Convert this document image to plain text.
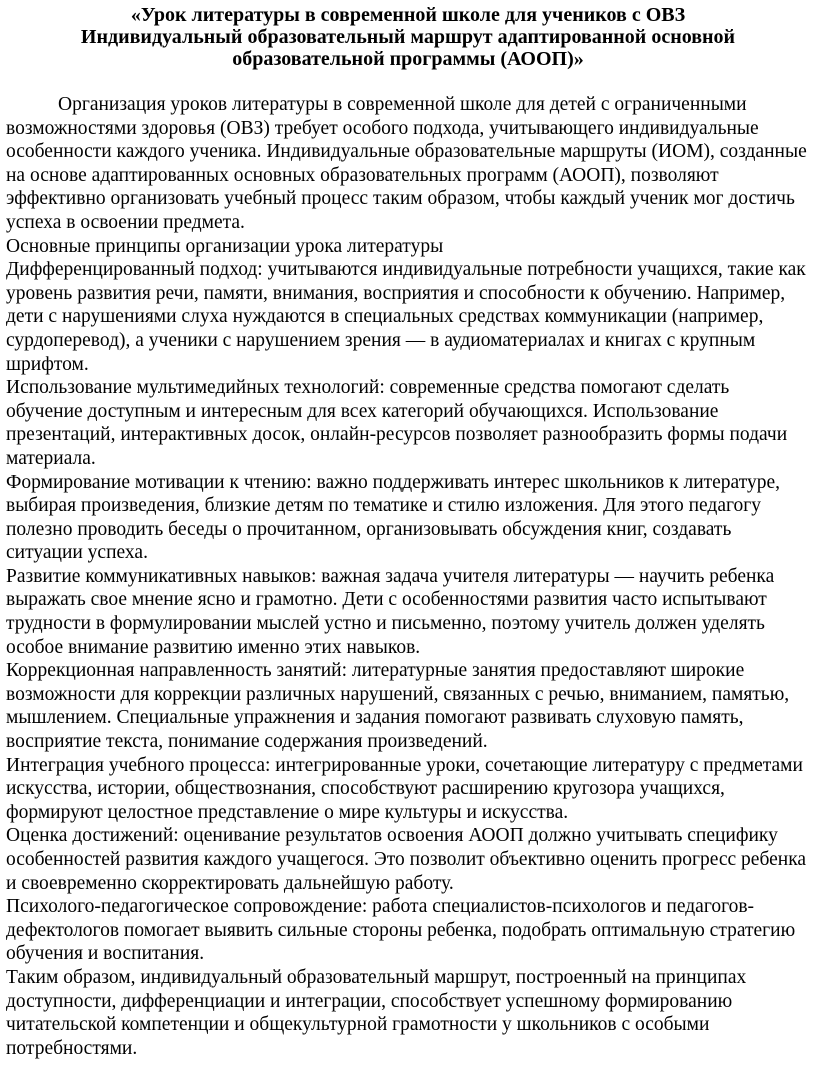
«Урок литературы в современной школе для учеников с ОВЗ
Индивидуальный образовательный маршрут адаптированной основной
образовательной программы (АООП)»

Организация уроков литературы в современной школе для детей с ограниченными возможностями здоровья (ОВЗ) требует особого подхода, учитывающего индивидуальные особенности каждого ученика. Индивидуальные образовательные маршруты (ИОМ), созданные на основе адаптированных основных образовательных программ (АООП), позволяют эффективно организовать учебный процесс таким образом, чтобы каждый ученик мог достичь успеха в освоении предмета.

Основные принципы организации урока литературы

Дифференцированный подход: учитываются индивидуальные потребности учащихся, такие как уровень развития речи, памяти, внимания, восприятия и способности к обучению. Например, дети с нарушениями слуха нуждаются в специальных средствах коммуникации (например, сурдоперевод), а ученики с нарушением зрения — в аудиоматериалах и книгах с крупным шрифтом.

Использование мультимедийных технологий: современные средства помогают сделать обучение доступным и интересным для всех категорий обучающихся. Использование презентаций, интерактивных досок, онлайн-ресурсов позволяет разнообразить формы подачи материала.

Формирование мотивации к чтению: важно поддерживать интерес школьников к литературе, выбирая произведения, близкие детям по тематике и стилю изложения. Для этого педагогу полезно проводить беседы о прочитанном, организовывать обсуждения книг, создавать ситуации успеха.

Развитие коммуникативных навыков: важная задача учителя литературы — научить ребенка выражать свое мнение ясно и грамотно. Дети с особенностями развития часто испытывают трудности в формулировании мыслей устно и письменно, поэтому учитель должен уделять особое внимание развитию именно этих навыков.

Коррекционная направленность занятий: литературные занятия предоставляют широкие возможности для коррекции различных нарушений, связанных с речью, вниманием, памятью, мышлением. Специальные упражнения и задания помогают развивать слуховую память, восприятие текста, понимание содержания произведений.

Интеграция учебного процесса: интегрированные уроки, сочетающие литературу с предметами искусства, истории, обществознания, способствуют расширению кругозора учащихся, формируют целостное представление о мире культуры и искусства.

Оценка достижений: оценивание результатов освоения АООП должно учитывать специфику особенностей развития каждого учащегося. Это позволит объективно оценить прогресс ребенка и своевременно скорректировать дальнейшую работу.

Психолого-педагогическое сопровождение: работа специалистов-психологов и педагогов-дефектологов помогает выявить сильные стороны ребенка, подобрать оптимальную стратегию обучения и воспитания.

Таким образом, индивидуальный образовательный маршрут, построенный на принципах доступности, дифференциации и интеграции, способствует успешному формированию читательской компетенции и общекультурной грамотности у школьников с особыми потребностями.
